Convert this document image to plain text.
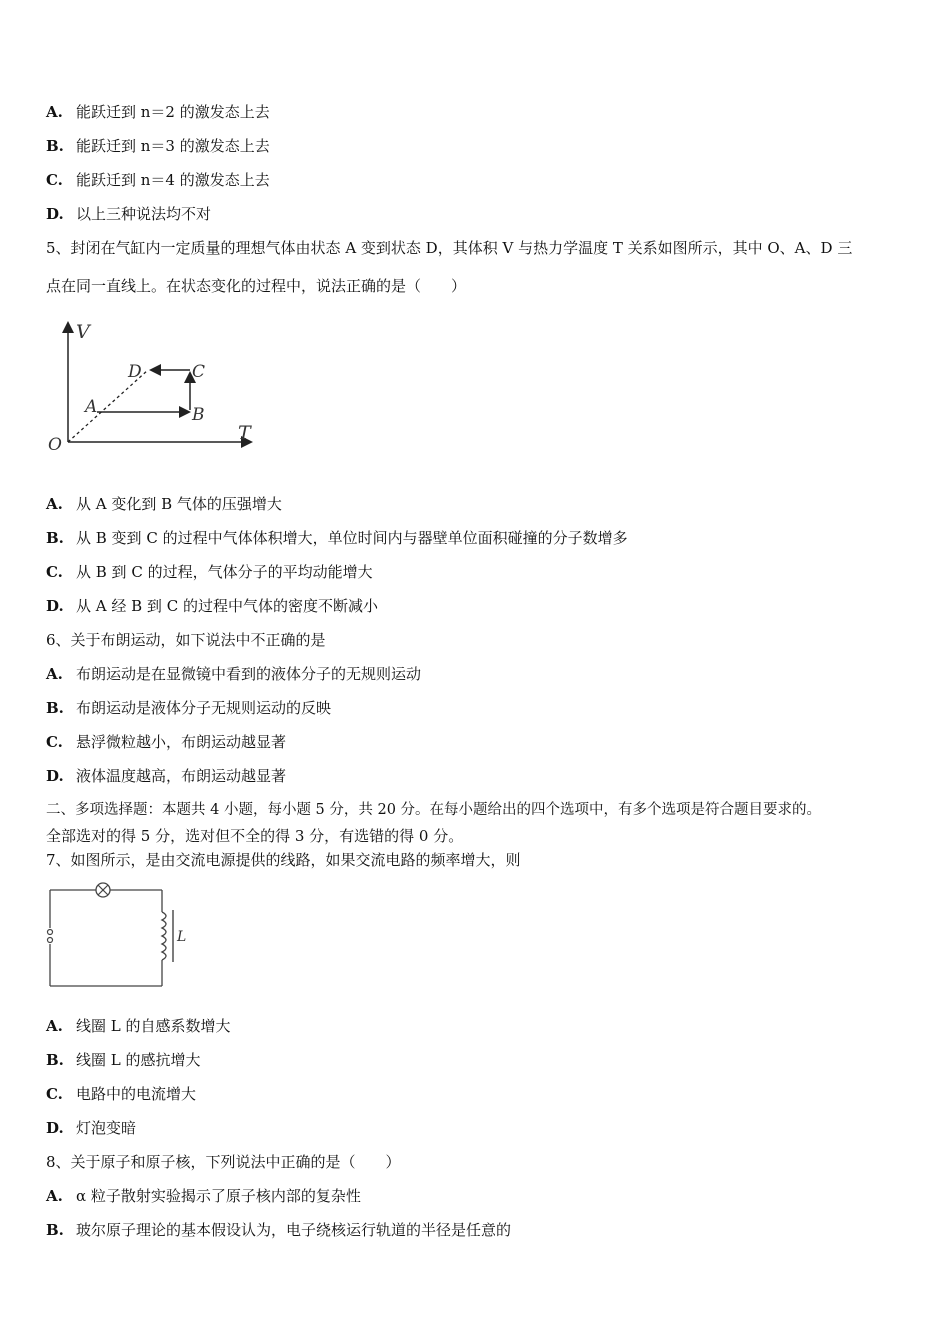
A. 能跃迁到 n＝2 的激发态上去
B. 能跃迁到 n＝3 的激发态上去
C. 能跃迁到 n＝4 的激发态上去
D. 以上三种说法均不对
5、封闭在气缸内一定质量的理想气体由状态 A 变到状态 D，其体积 V 与热力学温度 T 关系如图所示，其中 O、A、D 三
点在同一直线上。在状态变化的过程中，说法正确的是（　　）
V
T
O
A	B
C
D
A. 从 A 变化到 B 气体的压强增大
B. 从 B 变到 C 的过程中气体体积增大，单位时间内与器壁单位面积碰撞的分子数增多
C. 从 B 到 C 的过程，气体分子的平均动能增大
D. 从 A 经 B 到 C 的过程中气体的密度不断减小
6、关于布朗运动，如下说法中不正确的是
A. 布朗运动是在显微镜中看到的液体分子的无规则运动
B. 布朗运动是液体分子无规则运动的反映
C. 悬浮微粒越小，布朗运动越显著
D. 液体温度越高，布朗运动越显著
二、多项选择题：本题共 4 小题，每小题 5 分，共 20 分。在每小题给出的四个选项中，有多个选项是符合题目要求的。
全部选对的得 5 分，选对但不全的得 3 分，有选错的得 0 分。
7、如图所示，是由交流电源提供的线路，如果交流电路的频率增大，则
L
A. 线圈 L 的自感系数增大
B. 线圈 L 的感抗增大
C. 电路中的电流增大
D. 灯泡变暗
8、关于原子和原子核，下列说法中正确的是（　　）
A. α 粒子散射实验揭示了原子核内部的复杂性
B. 玻尔原子理论的基本假设认为，电子绕核运行轨道的半径是任意的
